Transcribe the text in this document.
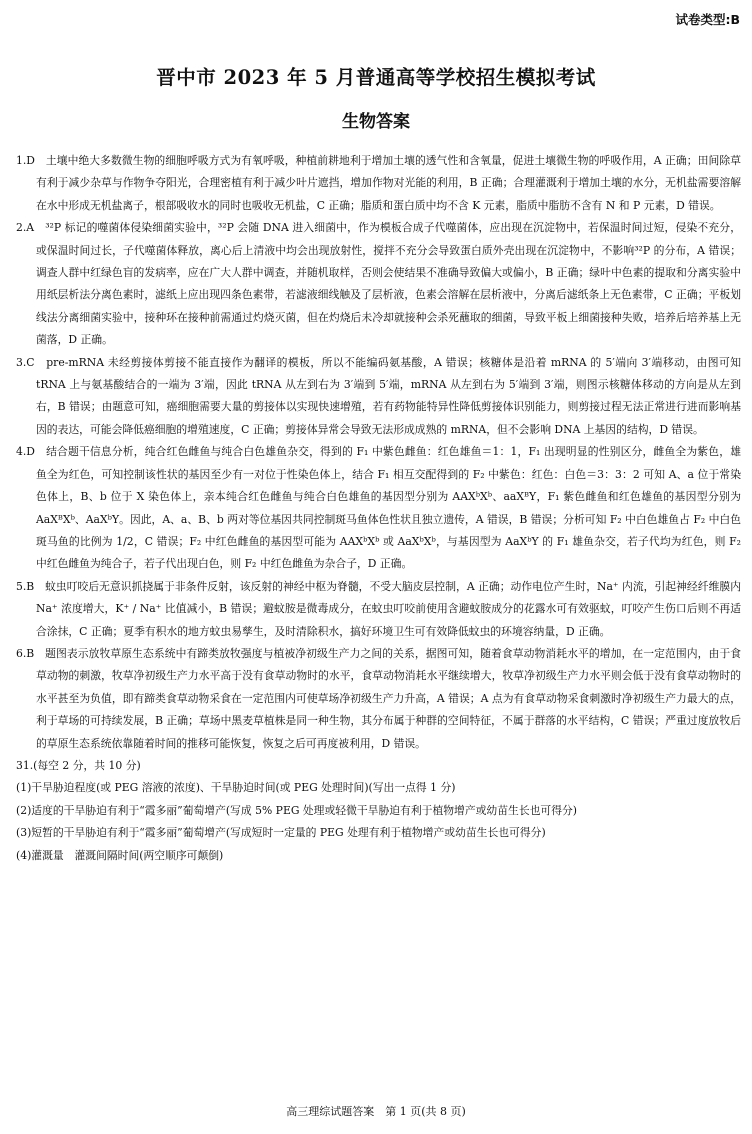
试卷类型:B
晋中市 2023 年 5 月普通高等学校招生模拟考试
生物答案

1.D　土壤中绝大多数微生物的细胞呼吸方式为有氧呼吸，种植前耕地利于增加土壤的透气性和含氧量，促进土壤微生物的呼吸作用，A 正确；田间除草有利于减少杂草与作物争夺阳光，合理密植有利于减少叶片遮挡，增加作物对光能的利用，B 正确；合理灌溉利于增加土壤的水分，无机盐需要溶解在水中形成无机盐离子，根部吸收水的同时也吸收无机盐，C 正确；脂质和蛋白质中均不含 K 元素，脂质中脂肪不含有 N 和 P 元素，D 错误。

2.A　³²P 标记的噬菌体侵染细菌实验中，³²P 会随 DNA 进入细菌中，作为模板合成子代噬菌体，应出现在沉淀物中，若保温时间过短，侵染不充分，或保温时间过长，子代噬菌体释放，离心后上清液中均会出现放射性，搅拌不充分会导致蛋白质外壳出现在沉淀物中，不影响³²P 的分布，A 错误；调查人群中红绿色盲的发病率，应在广大人群中调查，并随机取样，否则会使结果不准确导致偏大或偏小，B 正确；绿叶中色素的提取和分离实验中用纸层析法分离色素时，滤纸上应出现四条色素带，若滤液细线触及了层析液，色素会溶解在层析液中，分离后滤纸条上无色素带，C 正确；平板划线法分离细菌实验中，接种环在接种前需通过灼烧灭菌，但在灼烧后未冷却就接种会杀死蘸取的细菌，导致平板上细菌接种失败，培养后培养基上无菌落，D 正确。

3.C　pre-mRNA 未经剪接体剪接不能直接作为翻译的模板，所以不能编码氨基酸，A 错误；核糖体是沿着 mRNA 的 5′端向 3′端移动，由图可知 tRNA 上与氨基酸结合的一端为 3′端，因此 tRNA 从左到右为 3′端到 5′端，mRNA 从左到右为 5′端到 3′端，则图示核糖体移动的方向是从左到右，B 错误；由题意可知，癌细胞需要大量的剪接体以实现快速增殖，若有药物能特异性降低剪接体识别能力，则剪接过程无法正常进行进而影响基因的表达，可能会降低癌细胞的增殖速度，C 正确；剪接体异常会导致无法形成成熟的 mRNA，但不会影响 DNA 上基因的结构，D 错误。

4.D　结合题干信息分析，纯合红色雌鱼与纯合白色雄鱼杂交，得到的 F₁ 中紫色雌鱼：红色雄鱼＝1：1，F₁ 出现明显的性别区分，雌鱼全为紫色，雄鱼全为红色，可知控制该性状的基因至少有一对位于性染色体上，结合 F₁ 相互交配得到的 F₂ 中紫色：红色：白色＝3：3：2 可知 A、a 位于常染色体上，B、b 位于 X 染色体上，亲本纯合红色雌鱼与纯合白色雄鱼的基因型分别为 AAXᵇXᵇ、aaXᴮY，F₁ 紫色雌鱼和红色雄鱼的基因型分别为 AaXᴮXᵇ、AaXᵇY。因此，A、a、B、b 两对等位基因共同控制斑马鱼体色性状且独立遗传，A 错误，B 错误；分析可知 F₂ 中白色雄鱼占 F₂ 中白色斑马鱼的比例为 1/2，C 错误；F₂ 中红色雌鱼的基因型可能为 AAXᵇXᵇ 或 AaXᵇXᵇ，与基因型为 AaXᵇY 的 F₁ 雄鱼杂交，若子代均为红色，则 F₂ 中红色雌鱼为纯合子，若子代出现白色，则 F₂ 中红色雌鱼为杂合子，D 正确。

5.B　蚊虫叮咬后无意识抓挠属于非条件反射，该反射的神经中枢为脊髓，不受大脑皮层控制，A 正确；动作电位产生时，Na⁺ 内流，引起神经纤维膜内 Na⁺ 浓度增大，K⁺ / Na⁺ 比值减小，B 错误；避蚊胺是微毒成分，在蚊虫叮咬前使用含避蚊胺成分的花露水可有效驱蚊，叮咬产生伤口后则不再适合涂抹，C 正确；夏季有积水的地方蚊虫易孳生，及时清除积水，搞好环境卫生可有效降低蚊虫的环境容纳量，D 正确。

6.B　题图表示放牧草原生态系统中有蹄类放牧强度与植被净初级生产力之间的关系，据图可知，随着食草动物消耗水平的增加，在一定范围内，由于食草动物的刺激，牧草净初级生产力水平高于没有食草动物时的水平，食草动物消耗水平继续增大，牧草净初级生产力水平则会低于没有食草动物时的水平甚至为负值，即有蹄类食草动物采食在一定范围内可使草场净初级生产力升高，A 错误；A 点为有食草动物采食刺激时净初级生产力最大的点，利于草场的可持续发展，B 正确；草场中黑麦草植株是同一种生物，其分布属于种群的空间特征，不属于群落的水平结构，C 错误；严重过度放牧后的草原生态系统依靠随着时间的推移可能恢复，恢复之后可再度被利用，D 错误。

31.(每空 2 分，共 10 分)

(1)干旱胁迫程度(或 PEG 溶液的浓度)、干旱胁迫时间(或 PEG 处理时间)(写出一点得 1 分)

(2)适度的干旱胁迫有利于“霞多丽”葡萄增产(写成 5% PEG 处理或轻微干旱胁迫有利于植物增产或幼苗生长也可得分)

(3)短暂的干旱胁迫有利于“霞多丽”葡萄增产(写成短时一定量的 PEG 处理有利于植物增产或幼苗生长也可得分)

(4)灌溉量　灌溉间隔时间(两空顺序可颠倒)

高三理综试题答案　第 1 页(共 8 页)
